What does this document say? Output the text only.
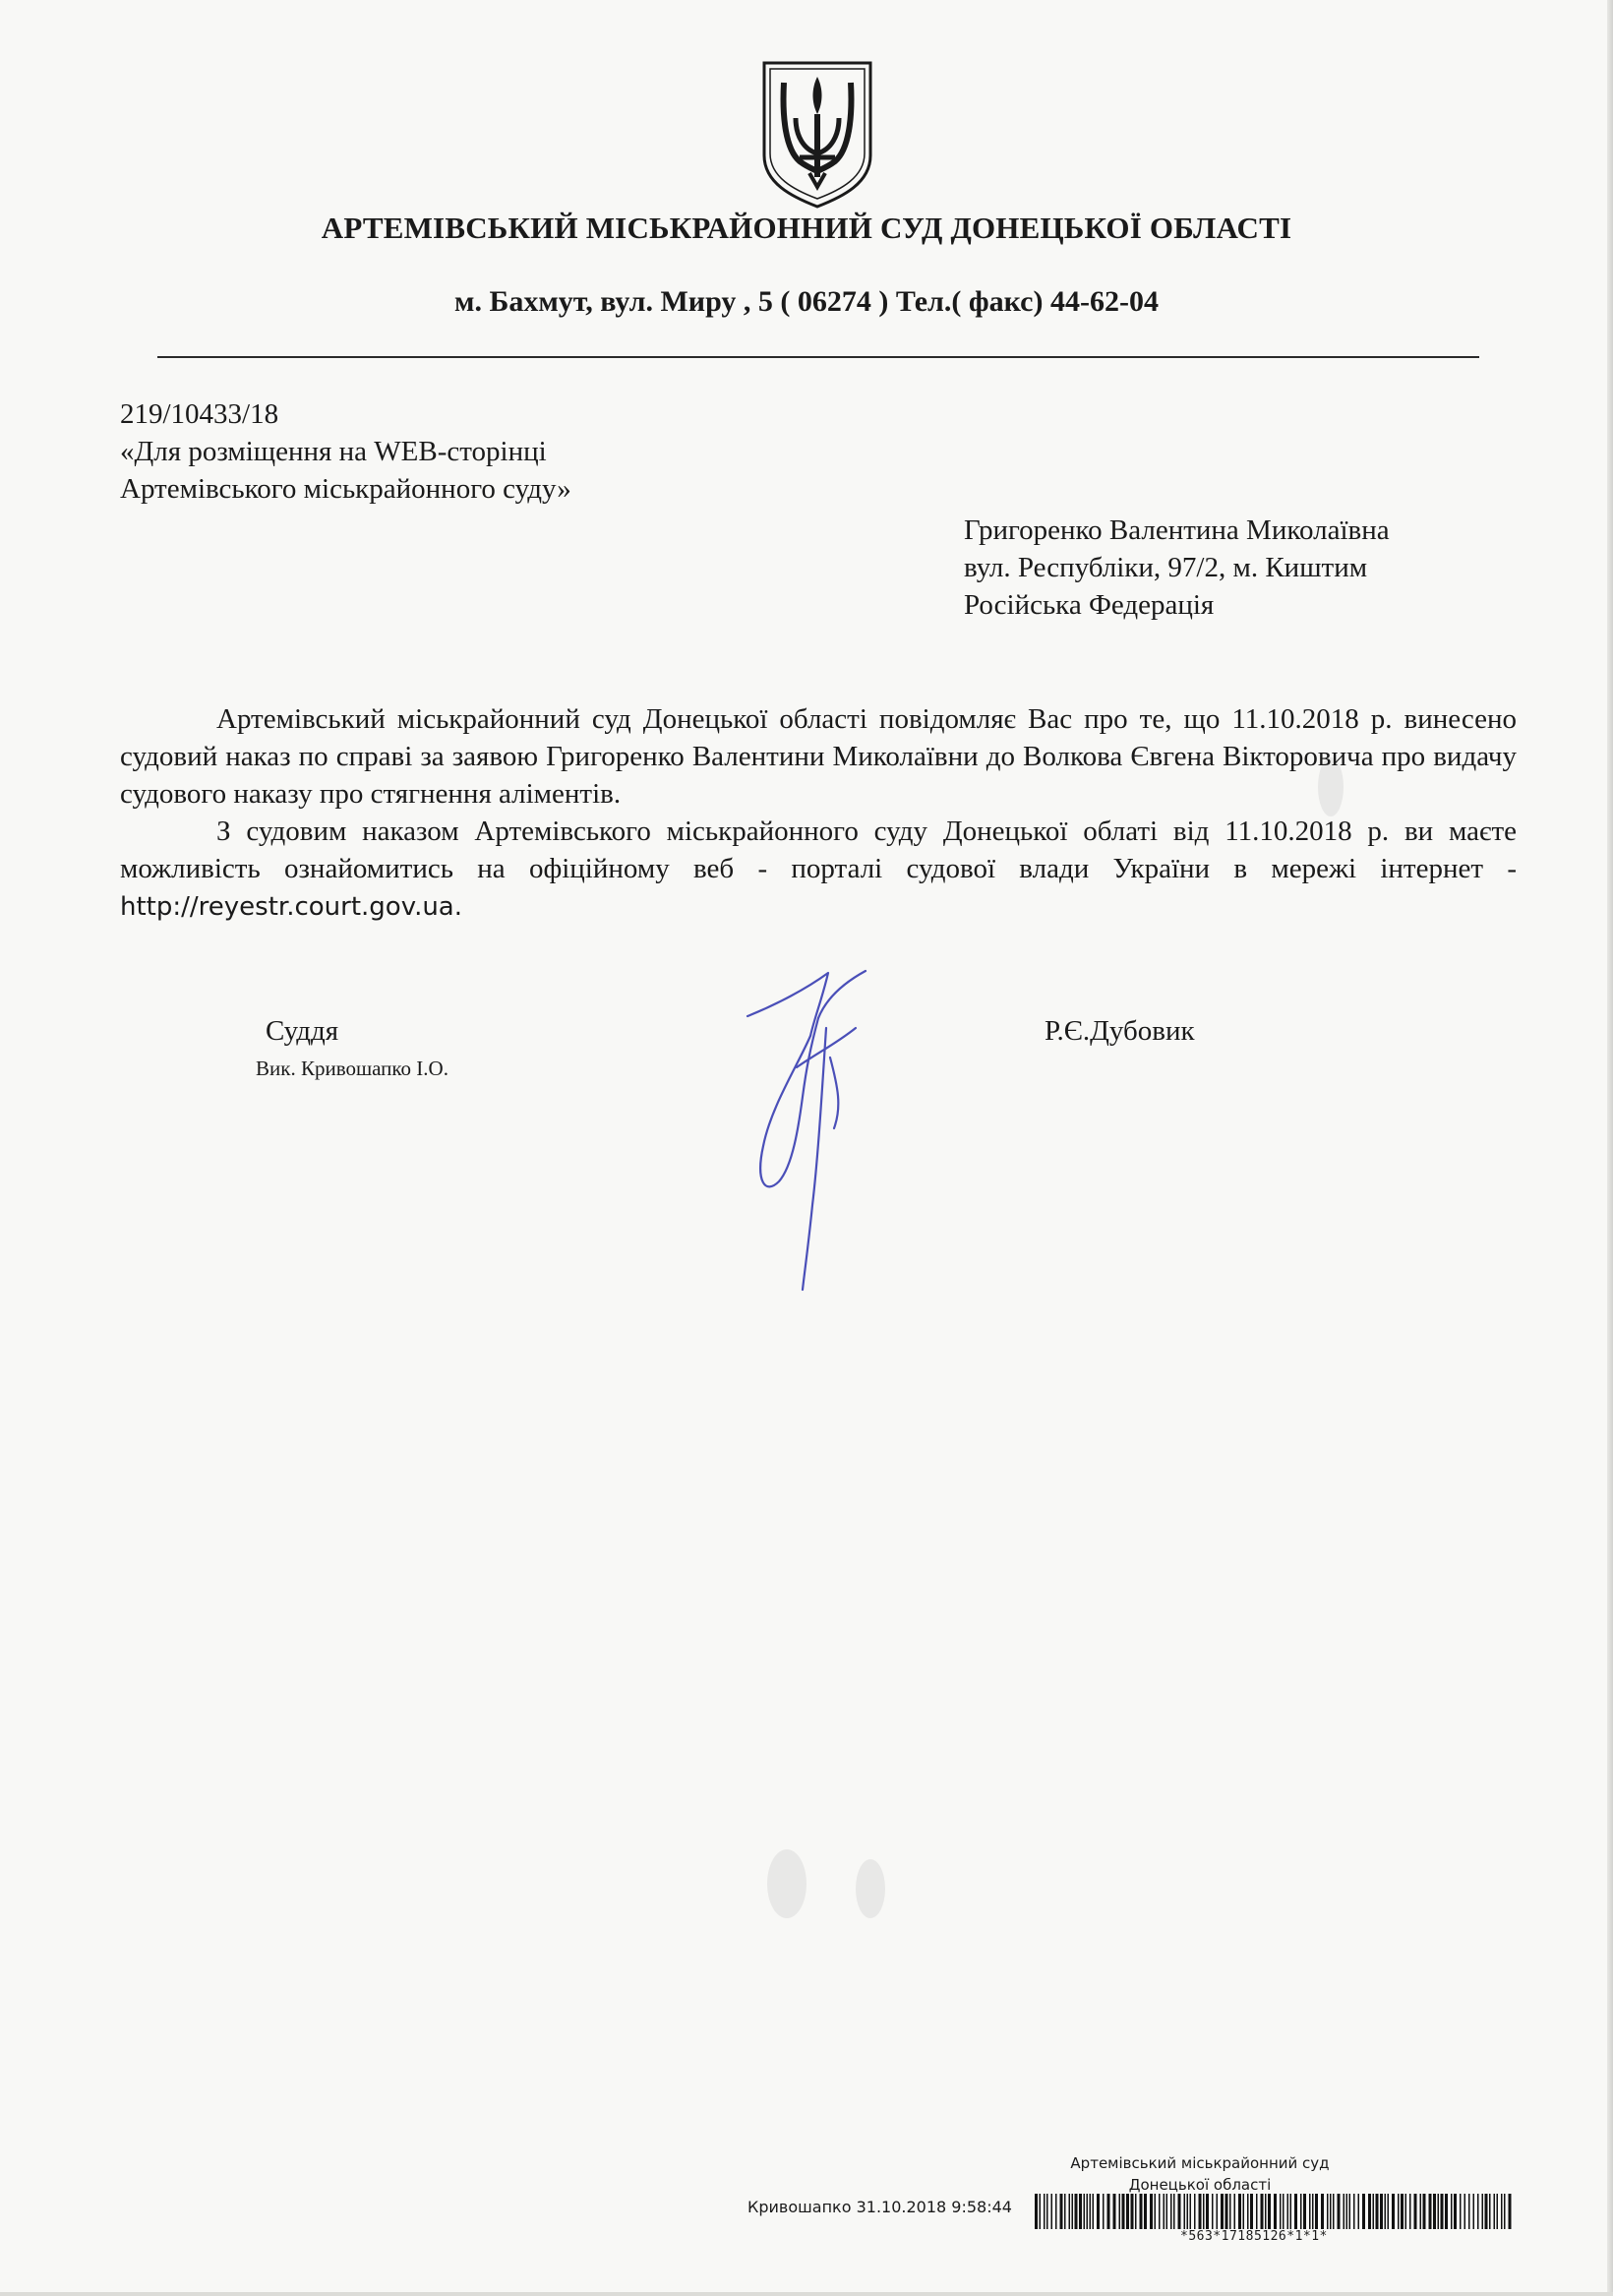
АРТЕМІВСЬКИЙ МІСЬКРАЙОННИЙ СУД ДОНЕЦЬКОЇ ОБЛАСТІ
м. Бахмут, вул. Миру , 5 ( 06274 ) Тел.( факс) 44-62-04
219/10433/18
«Для розміщення на WEB-сторінці
Артемівського міськрайонного суду»
Григоренко Валентина Миколаївна
вул. Республіки, 97/2, м. Киштим
Російська Федерація

Артемівський міськрайонний суд Донецької області повідомляє Вас про те, що 11.10.2018 р. винесено судовий наказ по справі за заявою Григоренко Валентини Миколаївни до Волкова Євгена Вікторовича про видачу судового наказу про стягнення аліментів.

З судовим наказом Артемівського міськрайонного суду Донецької облаті від 11.10.2018 р. ви маєте можливість ознайомитись на офіційному веб - порталі судової влади України в мережі інтернет - http://reyestr.court.gov.ua.

Суддя
Вик. Кривошапко І.О.
Р.Є.Дубовик
Артемівський міськрайонний суд
Донецької області
Кривошапко 31.10.2018 9:58:44
*563*17185126*1*1*
